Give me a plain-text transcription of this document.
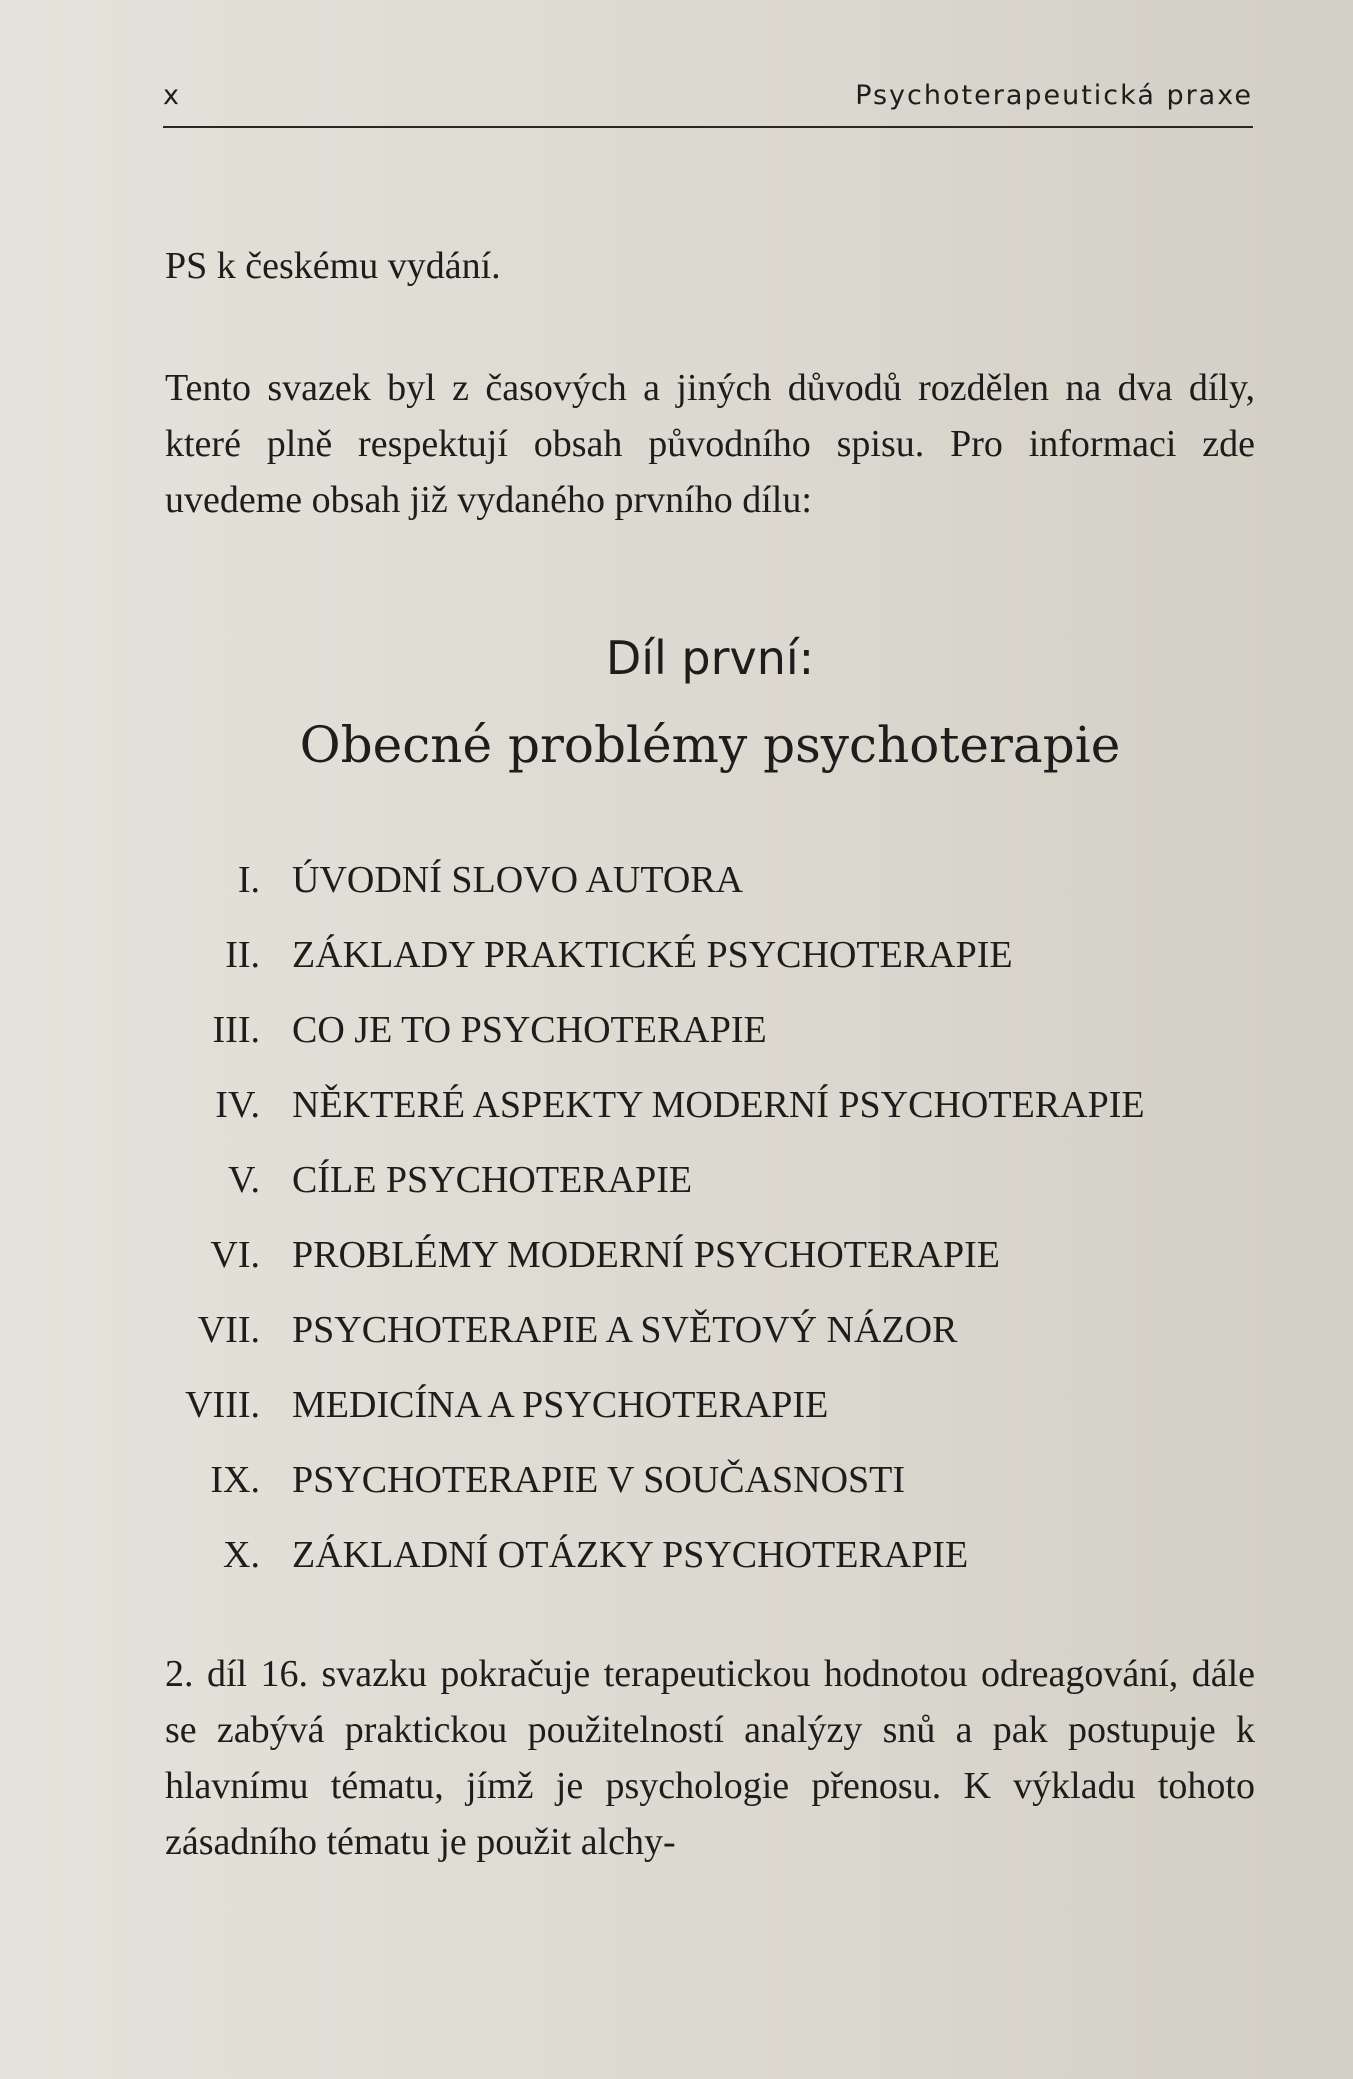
x	Psychoterapeutická praxe

PS k českému vydání.

Tento svazek byl z časových a jiných důvodů rozdělen na dva díly, které plně respektují obsah původního spisu. Pro informaci zde uvedeme obsah již vydaného prvního dílu:

Díl první:
Obecné problémy psychoterapie
I. ÚVODNÍ SLOVO AUTORA
II. ZÁKLADY PRAKTICKÉ PSYCHOTERAPIE
III. CO JE TO PSYCHOTERAPIE
IV. NĚKTERÉ ASPEKTY MODERNÍ PSYCHOTERAPIE
V. CÍLE PSYCHOTERAPIE
VI. PROBLÉMY MODERNÍ PSYCHOTERAPIE
VII. PSYCHOTERAPIE A SVĚTOVÝ NÁZOR
VIII. MEDICÍNA A PSYCHOTERAPIE
IX. PSYCHOTERAPIE V SOUČASNOSTI
X. ZÁKLADNÍ OTÁZKY PSYCHOTERAPIE

2. díl 16. svazku pokračuje terapeutickou hodnotou odreagování, dále se zabývá praktickou použitelností analýzy snů a pak postupuje k hlavnímu tématu, jímž je psychologie přenosu. K výkladu tohoto zásadního tématu je použit alchy-
